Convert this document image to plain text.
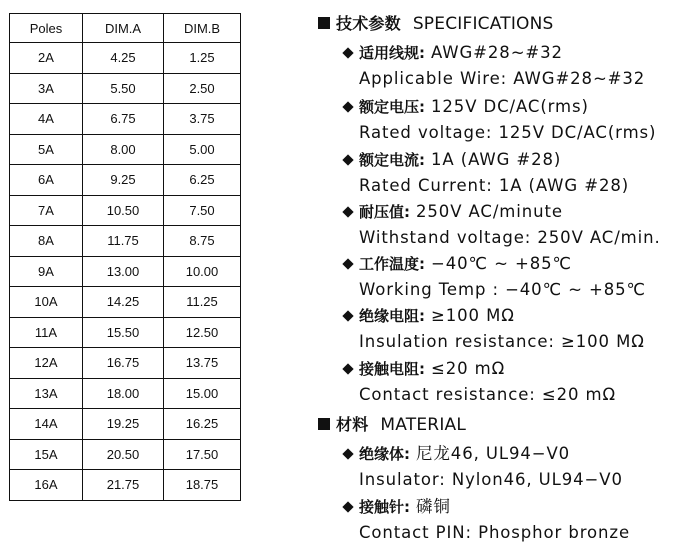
Poles	DIM.A	DIM.B
2A	4.25	1.25
3A	5.50	2.50
4A	6.75	3.75
5A	8.00	5.00
6A	9.25	6.25
7A	10.50	7.50
8A	11.75	8.75
9A	13.00	10.00
10A	14.25	11.25
11A	15.50	12.50
12A	16.75	13.75
13A	18.00	15.00
14A	19.25	16.25
15A	20.50	17.50
16A	21.75	18.75
技术参数 SPECIFICATIONS
适用线规: AWG#28~#32
Applicable Wire: AWG#28~#32
额定电压: 125V DC/AC(rms)
Rated voltage: 125V DC/AC(rms)
额定电流: 1A (AWG #28)
Rated Current: 1A (AWG #28)
耐压值: 250V AC/minute
Withstand voltage: 250V AC/min.
工作温度: −40℃ ~ +85℃
Working Temp : −40℃ ~ +85℃
绝缘电阻: ≥100 MΩ
Insulation resistance: ≥100 MΩ
接触电阻: ≤20 mΩ
Contact resistance: ≤20 mΩ
材料 MATERIAL
绝缘体: 尼龙46, UL94−V0
Insulator: Nylon46, UL94−V0
接触针: 磷铜
Contact PIN: Phosphor bronze
